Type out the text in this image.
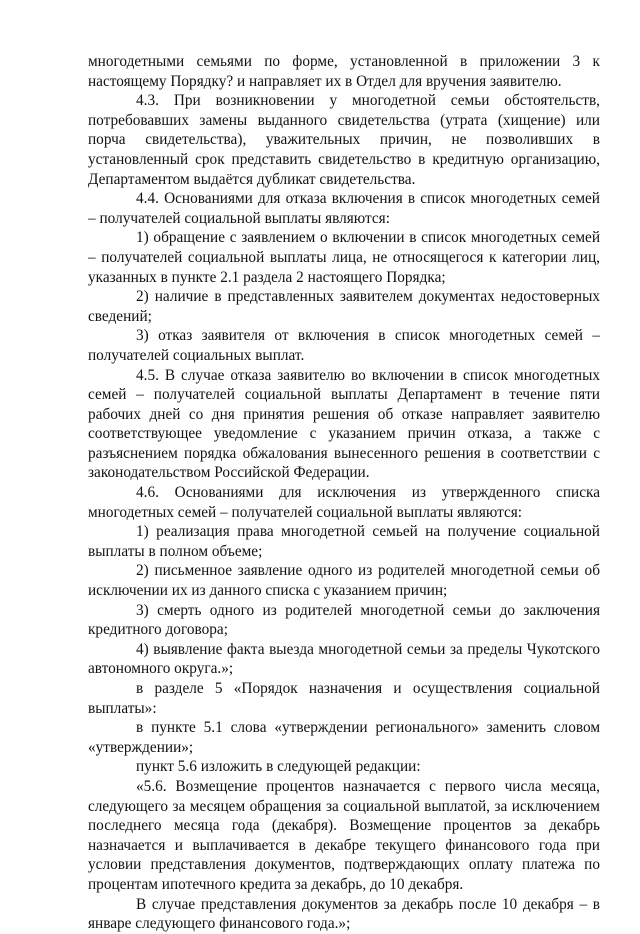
многодетными семьями по форме, установленной в приложении 3 к настоящему Порядку? и направляет их в Отдел для вручения заявителю.

4.3. При возникновении у многодетной семьи обстоятельств, потребовавших замены выданного свидетельства (утрата (хищение) или порча свидетельства), уважительных причин, не позволивших в установленный срок представить свидетельство в кредитную организацию, Департаментом выдаётся дубликат свидетельства.

4.4. Основаниями для отказа включения в список многодетных семей – получателей социальной выплаты являются:

1) обращение с заявлением о включении в список многодетных семей – получателей социальной выплаты лица, не относящегося к категории лиц, указанных в пункте 2.1 раздела 2 настоящего Порядка;

2) наличие в представленных заявителем документах недостоверных сведений;

3) отказ заявителя от включения в список многодетных семей – получателей социальных выплат.

4.5. В случае отказа заявителю во включении в список многодетных семей – получателей социальной выплаты Департамент в течение пяти рабочих дней со дня принятия решения об отказе направляет заявителю соответствующее уведомление с указанием причин отказа, а также с разъяснением порядка обжалования вынесенного решения в соответствии с законодательством Российской Федерации.

4.6. Основаниями для исключения из утвержденного списка многодетных семей – получателей социальной выплаты являются:

1) реализация права многодетной семьей на получение социальной выплаты в полном объеме;

2) письменное заявление одного из родителей многодетной семьи об исключении их из данного списка с указанием причин;

3) смерть одного из родителей многодетной семьи до заключения кредитного договора;

4) выявление факта выезда многодетной семьи за пределы Чукотского автономного округа.»;

в разделе 5 «Порядок назначения и осуществления социальной выплаты»:

в пункте 5.1 слова «утверждении регионального» заменить словом «утверждении»;

пункт 5.6 изложить в следующей редакции:

«5.6. Возмещение процентов назначается с первого числа месяца, следующего за месяцем обращения за социальной выплатой, за исключением последнего месяца года (декабря). Возмещение процентов за декабрь назначается и выплачивается в декабре текущего финансового года при условии представления документов, подтверждающих оплату платежа по процентам ипотечного кредита за декабрь, до 10 декабря.

В случае представления документов за декабрь после 10 декабря – в январе следующего финансового года.»;
